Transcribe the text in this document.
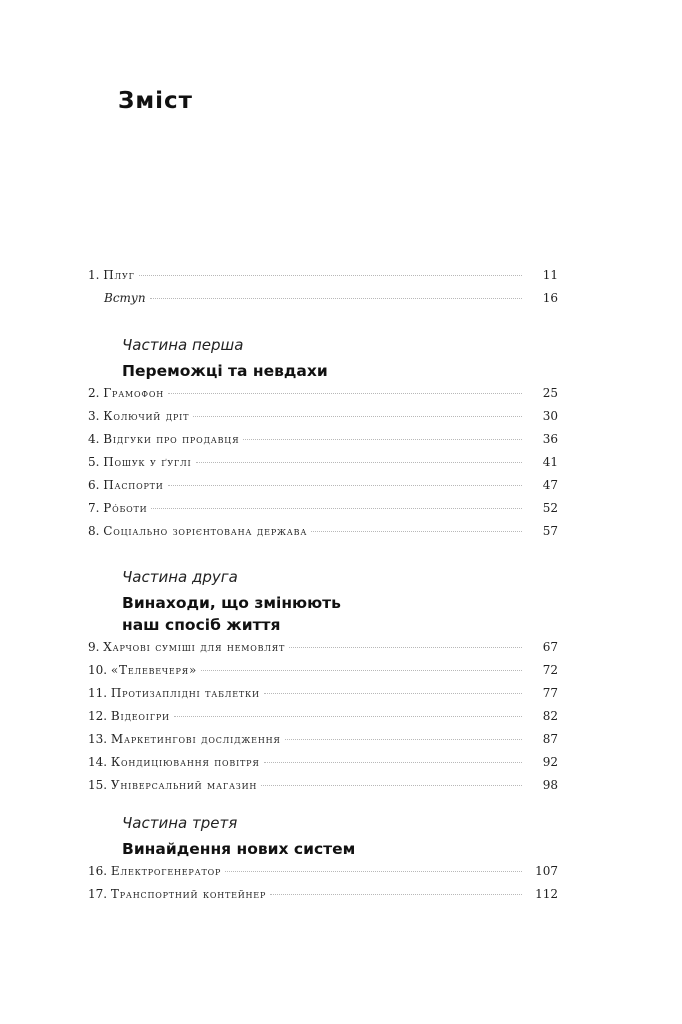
Зміст
1. Плуг	11
Вступ	16
Частина перша
Переможці та невдахи
2. Грамофон	25
3. Колючий дріт	30
4. Відгуки про продавця	36
5. Пошук у ґуглі	41
6. Паспорти	47
7. Рóботи	52
8. Соціально зорієнтована держава	57
Частина друга
Винаходи, що змінюють
наш спосіб життя
9. Харчові суміші для немовлят	67
10. «Телевечеря»	72
11. Протизаплідні таблетки	77
12. Відеоігри	82
13. Маркетингові дослідження	87
14. Кондиціювання повітря	92
15. Універсальний магазин	98
Частина третя
Винайдення нових систем
16. Електрогенератор	107
17. Транспортний контейнер	112
